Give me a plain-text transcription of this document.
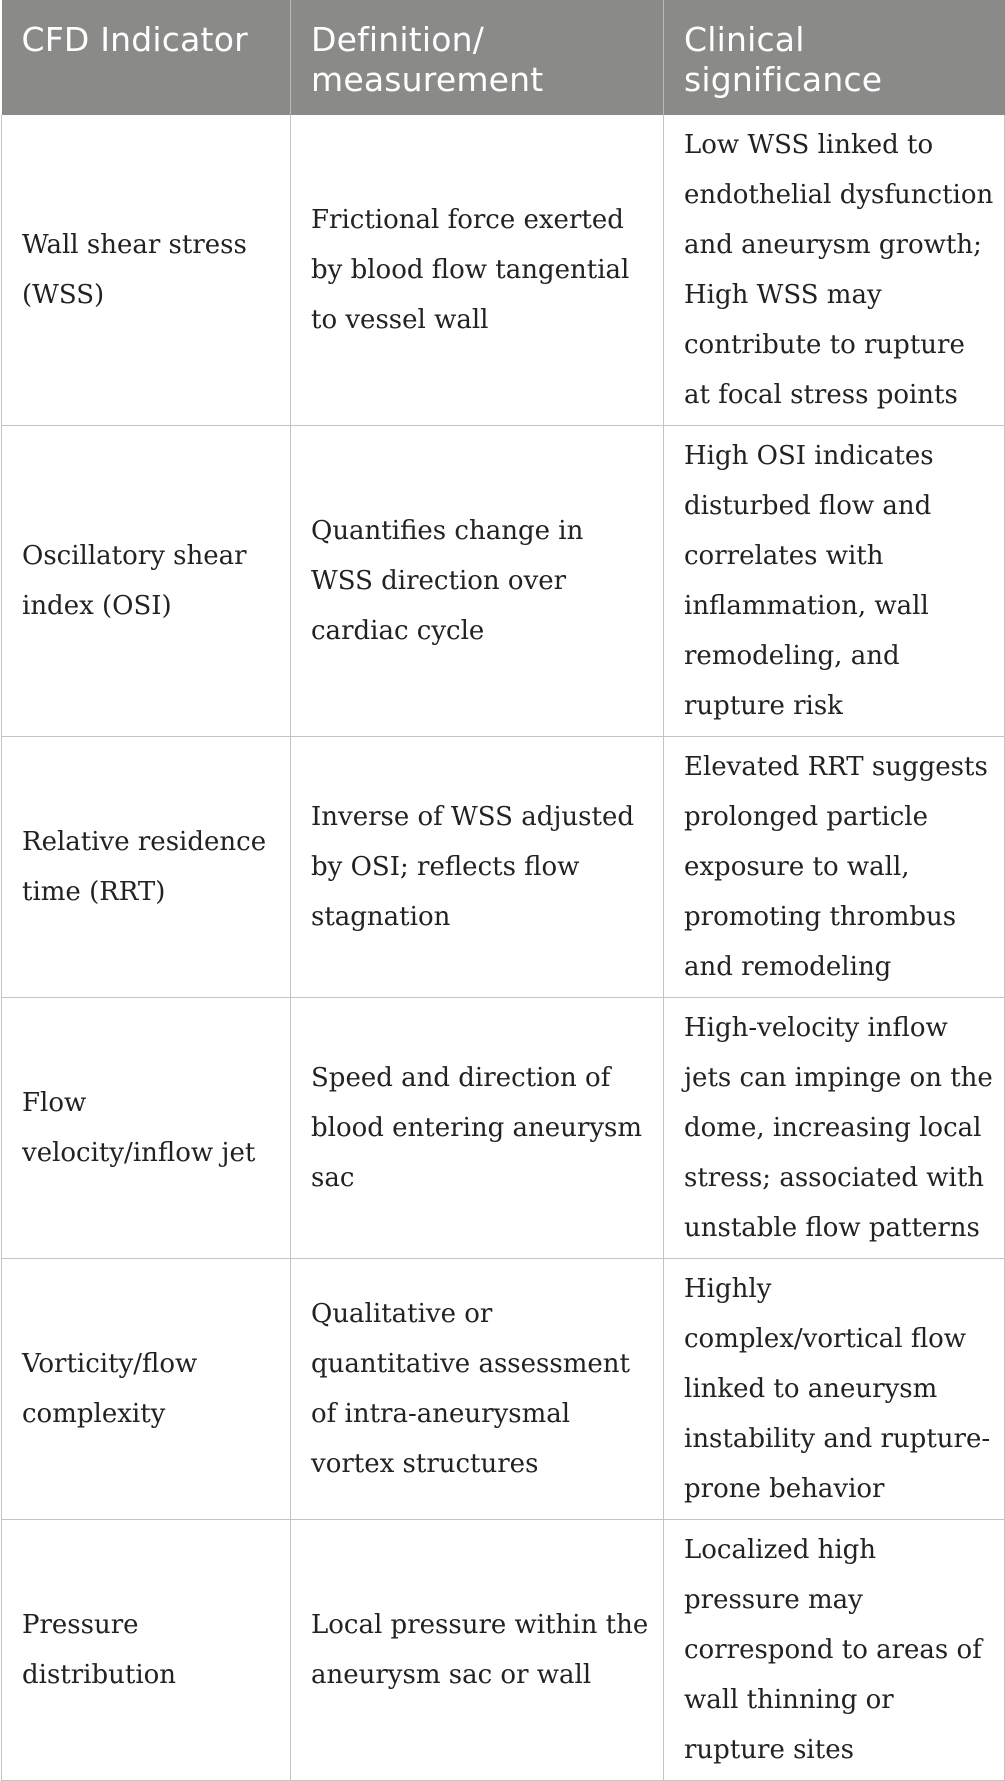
CFD Indicator	Definition/ measurement	Clinical significance
Wall shear stress (WSS)	Frictional force exerted by blood flow tangential to vessel wall	Low WSS linked to endothelial dysfunction and aneurysm growth; High WSS may contribute to rupture at focal stress points
Oscillatory shear index (OSI)	Quantifies change in WSS direction over cardiac cycle	High OSI indicates disturbed flow and correlates with inflammation, wall remodeling, and rupture risk
Relative residence time (RRT)	Inverse of WSS adjusted by OSI; reflects flow stagnation	Elevated RRT suggests prolonged particle exposure to wall, promoting thrombus and remodeling
Flow velocity/inflow jet	Speed and direction of blood entering aneurysm sac	High-velocity inflow jets can impinge on the dome, increasing local stress; associated with unstable flow patterns
Vorticity/flow complexity	Qualitative or quantitative assessment of intra-aneurysmal vortex structures	Highly complex/vortical flow linked to aneurysm instability and rupture-prone behavior
Pressure distribution	Local pressure within the aneurysm sac or wall	Localized high pressure may correspond to areas of wall thinning or rupture sites
